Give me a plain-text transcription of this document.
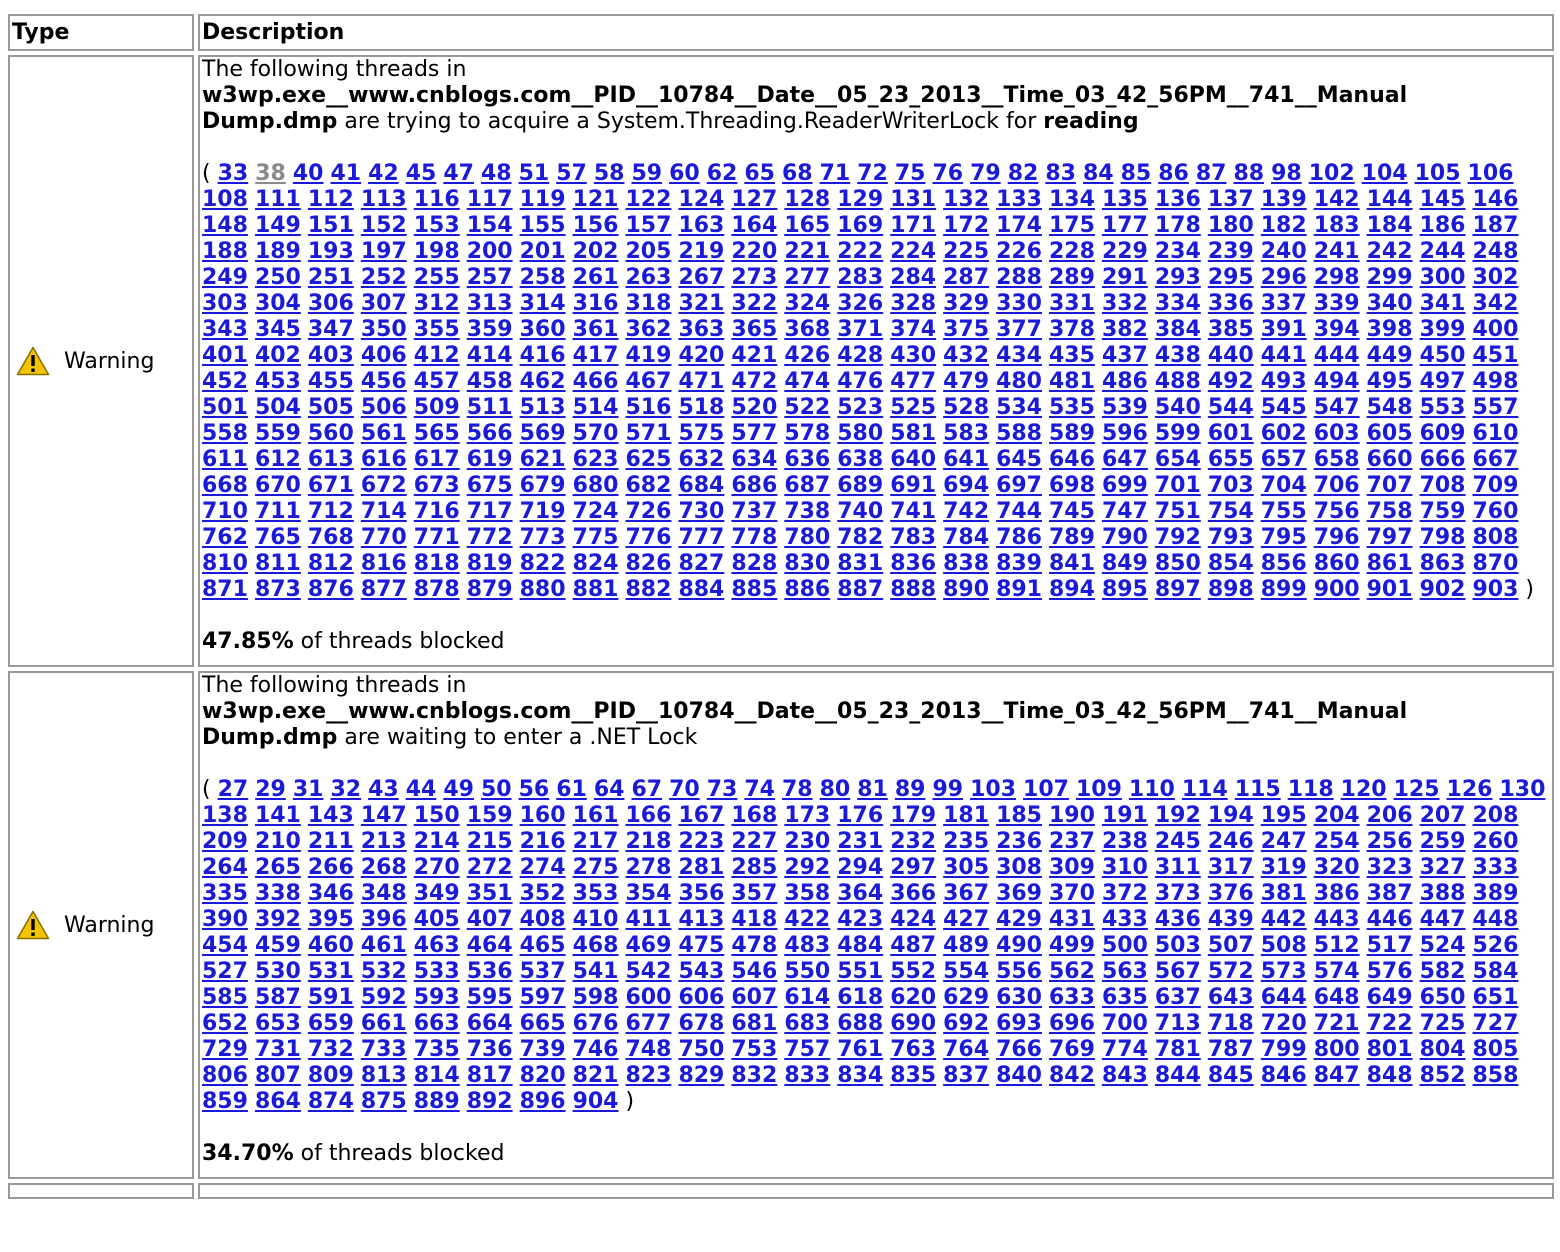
Type	Description

Warning	The following threads in
w3wp.exe__www.cnblogs.com__PID__10784__Date__05_23_2013__Time_03_42_56PM__741__Manual Dump.dmp are trying to acquire a System.Threading.ReaderWriterLock for reading
( 33 38 40 41 42 45 47 48 51 57 58 59 60 62 65 68 71 72 75 76 79 82 83 84 85 86 87 88 98 102 104 105 106 108 111 112 113 116 117 119 121 122 124 127 128 129 131 132 133 134 135 136 137 139 142 144 145 146 148 149 151 152 153 154 155 156 157 163 164 165 169 171 172 174 175 177 178 180 182 183 184 186 187 188 189 193 197 198 200 201 202 205 219 220 221 222 224 225 226 228 229 234 239 240 241 242 244 248 249 250 251 252 255 257 258 261 263 267 273 277 283 284 287 288 289 291 293 295 296 298 299 300 302 303 304 306 307 312 313 314 316 318 321 322 324 326 328 329 330 331 332 334 336 337 339 340 341 342 343 345 347 350 355 359 360 361 362 363 365 368 371 374 375 377 378 382 384 385 391 394 398 399 400 401 402 403 406 412 414 416 417 419 420 421 426 428 430 432 434 435 437 438 440 441 444 449 450 451 452 453 455 456 457 458 462 466 467 471 472 474 476 477 479 480 481 486 488 492 493 494 495 497 498 501 504 505 506 509 511 513 514 516 518 520 522 523 525 528 534 535 539 540 544 545 547 548 553 557 558 559 560 561 565 566 569 570 571 575 577 578 580 581 583 588 589 596 599 601 602 603 605 609 610 611 612 613 616 617 619 621 623 625 632 634 636 638 640 641 645 646 647 654 655 657 658 660 666 667 668 670 671 672 673 675 679 680 682 684 686 687 689 691 694 697 698 699 701 703 704 706 707 708 709 710 711 712 714 716 717 719 724 726 730 737 738 740 741 742 744 745 747 751 754 755 756 758 759 760 762 765 768 770 771 772 773 775 776 777 778 780 782 783 784 786 789 790 792 793 795 796 797 798 808 810 811 812 816 818 819 822 824 826 827 828 830 831 836 838 839 841 849 850 854 856 860 861 863 870 871 873 876 877 878 879 880 881 882 884 885 886 887 888 890 891 894 895 897 898 899 900 901 902 903 )
47.85% of threads blocked

Warning	The following threads in
w3wp.exe__www.cnblogs.com__PID__10784__Date__05_23_2013__Time_03_42_56PM__741__Manual Dump.dmp are waiting to enter a .NET Lock
( 27 29 31 32 43 44 49 50 56 61 64 67 70 73 74 78 80 81 89 99 103 107 109 110 114 115 118 120 125 126 130 138 141 143 147 150 159 160 161 166 167 168 173 176 179 181 185 190 191 192 194 195 204 206 207 208 209 210 211 213 214 215 216 217 218 223 227 230 231 232 235 236 237 238 245 246 247 254 256 259 260 264 265 266 268 270 272 274 275 278 281 285 292 294 297 305 308 309 310 311 317 319 320 323 327 333 335 338 346 348 349 351 352 353 354 356 357 358 364 366 367 369 370 372 373 376 381 386 387 388 389 390 392 395 396 405 407 408 410 411 413 418 422 423 424 427 429 431 433 436 439 442 443 446 447 448 454 459 460 461 463 464 465 468 469 475 478 483 484 487 489 490 499 500 503 507 508 512 517 524 526 527 530 531 532 533 536 537 541 542 543 546 550 551 552 554 556 562 563 567 572 573 574 576 582 584 585 587 591 592 593 595 597 598 600 606 607 614 618 620 629 630 633 635 637 643 644 648 649 650 651 652 653 659 661 663 664 665 676 677 678 681 683 688 690 692 693 696 700 713 718 720 721 722 725 727 729 731 732 733 735 736 739 746 748 750 753 757 761 763 764 766 769 774 781 787 799 800 801 804 805 806 807 809 813 814 817 820 821 823 829 832 833 834 835 837 840 842 843 844 845 846 847 848 852 858 859 864 874 875 889 892 896 904 )
34.70% of threads blocked
